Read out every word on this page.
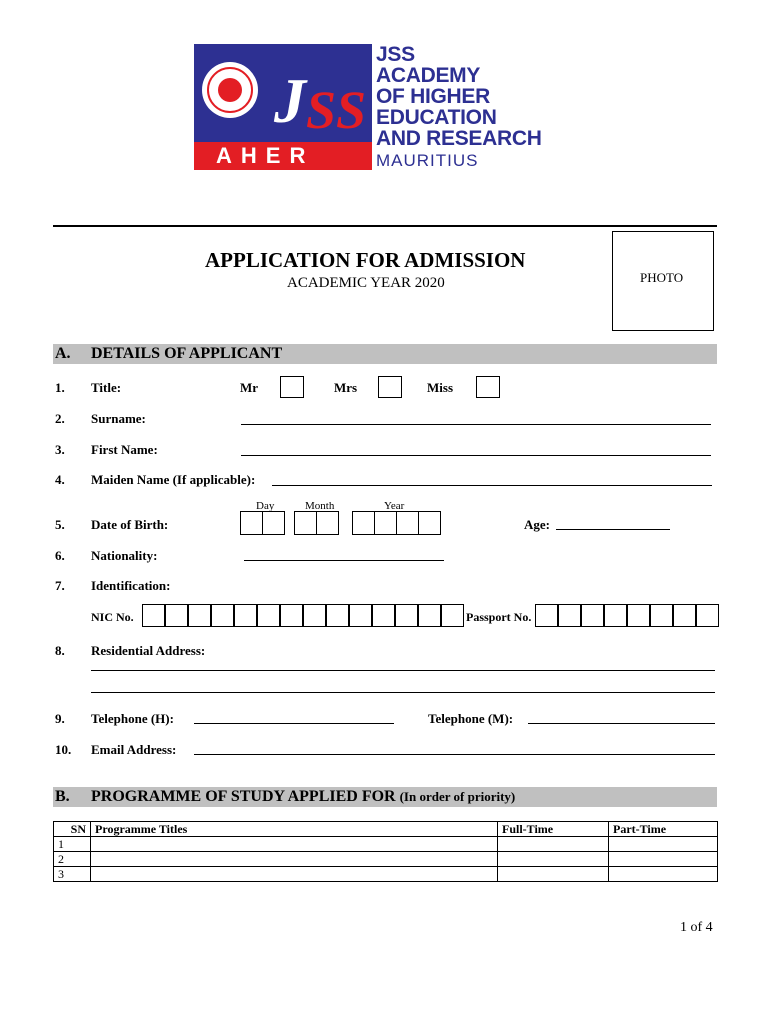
AHER
J SS
JSS
ACADEMY
OF HIGHER
EDUCATION
AND RESEARCH
MAURITIUS
APPLICATION FOR ADMISSION
ACADEMIC YEAR 2020	PHOTO
A. DETAILS OF APPLICANT
1. Title:	Mr	Mrs	Miss
2. Surname:
3. First Name:
4. Maiden Name (If applicable):
Day	Month	Year
5. Date of Birth:	Age:
6. Nationality:
7. Identification:
NIC No.	Passport No.
8. Residential Address:
9. Telephone (H):	Telephone (M):
10. Email Address:
B. PROGRAMME OF STUDY APPLIED FOR (In order of priority)
SN	Programme Titles	Full-Time	Part-Time
1			
2			
3			
1 of 4
